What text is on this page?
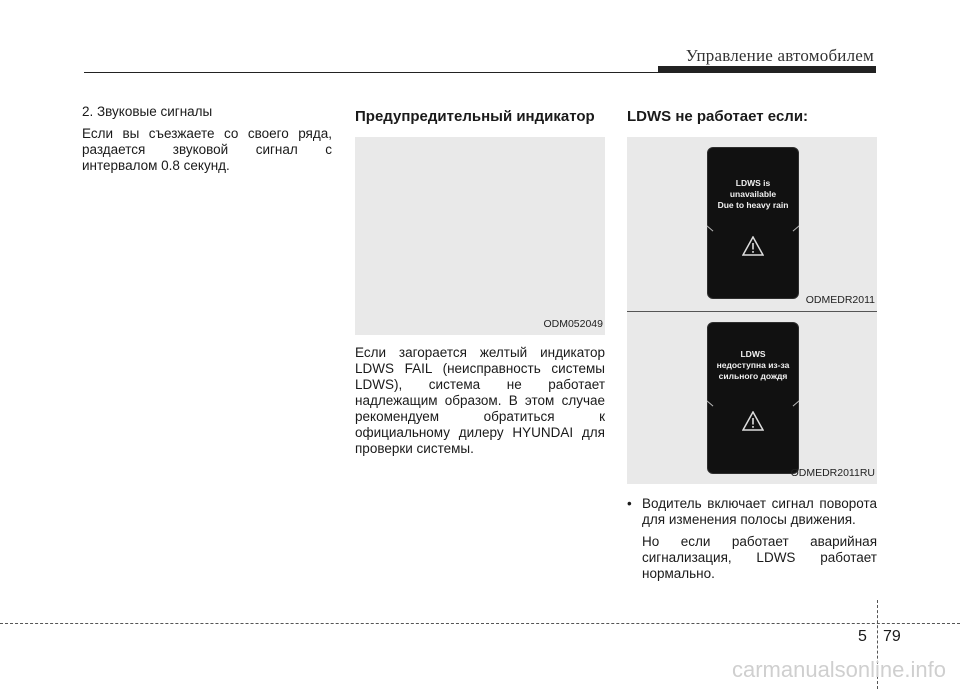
Управление автомобилем

2. Звуковые сигналы

Если вы съезжаете со своего ряда, раздается звуковой сигнал с интервалом 0.8 секунд.

Предупредительный индикатор
ODM052049

Если загорается желтый индикатор LDWS FAIL (неисправность системы LDWS), система не работает надлежащим образом. В этом случае рекомендуем обратиться к официальному дилеру HYUNDAI для проверки системы.

LDWS не работает если:
LDWS is
unavailable
Due to heavy rain
ODMEDR2011
LDWS
недоступна из-за
сильного дождя
ODMEDR2011RU
• Водитель включает сигнал поворота для изменения полосы движения.

Но если работает аварийная сигнализация, LDWS работает нормально.

5 79
carmanualsonline.info
